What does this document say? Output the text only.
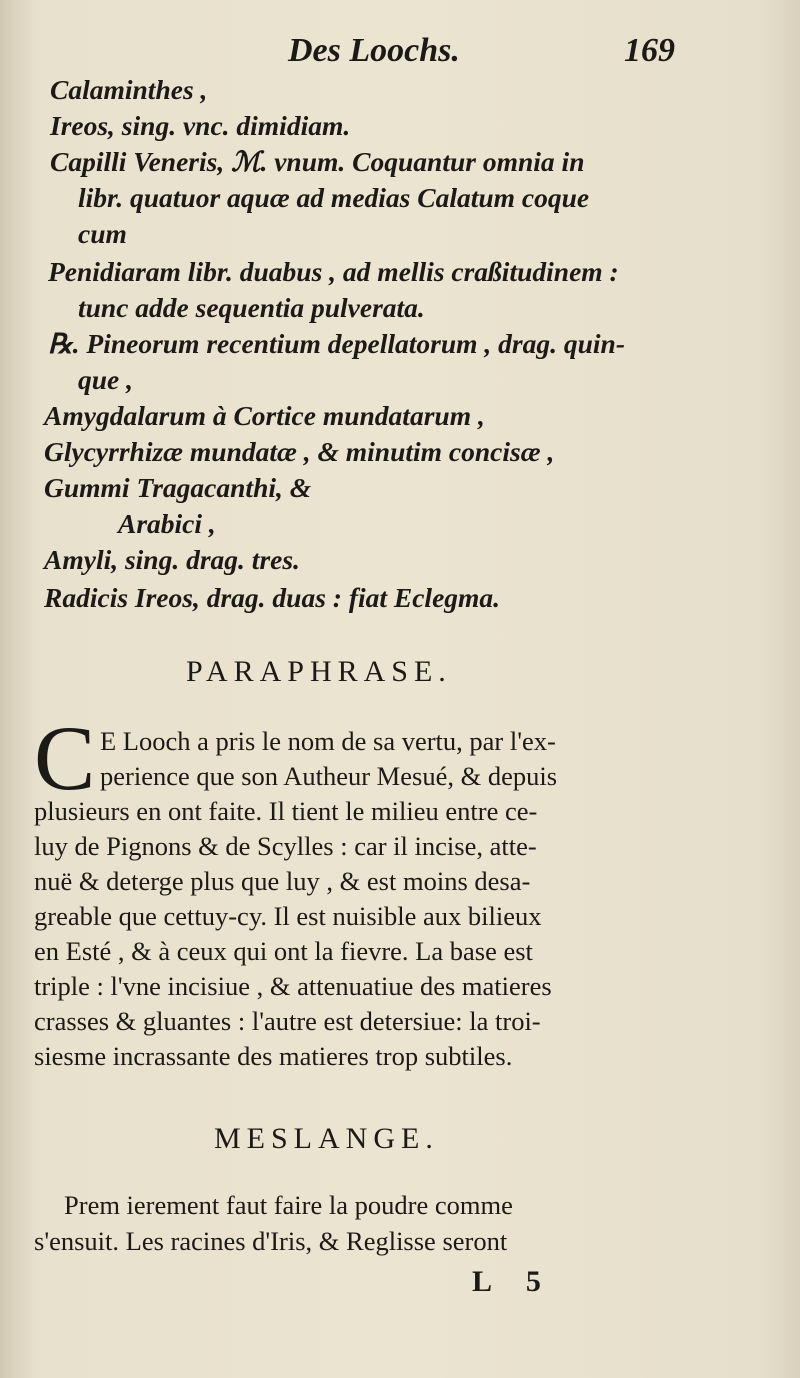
Des Loochs.	169
Calaminthes ,
Ireos, sing. vnc. dimidiam.
Capilli Veneris, ℳ. vnum. Coquantur omnia in
libr. quatuor aquæ ad medias Calatum coque
cum
Penidiaram libr. duabus , ad mellis craßitudinem :
tunc adde sequentia pulverata.
℞. Pineorum recentium depellatorum , drag. quin-
que ,
Amygdalarum à Cortice mundatarum ,
Glycyrrhizæ mundatæ , & minutim concisæ ,
Gummi Tragacanthi, &
Arabici ,
Amyli, sing. drag. tres.
Radicis Ireos, drag. duas : fiat Eclegma.
PARAPHRASE.
C E Looch a pris le nom de sa vertu, par l'ex-
perience que son Autheur Mesué, & depuis
plusieurs en ont faite. Il tient le milieu entre ce-
luy de Pignons & de Scylles : car il incise, atte-
nuë & deterge plus que luy , & est moins desa-
greable que cettuy-cy. Il est nuisible aux bilieux
en Esté , & à ceux qui ont la fievre. La base est
triple : l'vne incisiue , & attenuatiue des matieres
crasses & gluantes : l'autre est detersiue: la troi-
siesme incrassante des matieres trop subtiles.
MESLANGE.
Prem ierement faut faire la poudre comme
s'ensuit. Les racines d'Iris, & Reglisse seront
L 5
